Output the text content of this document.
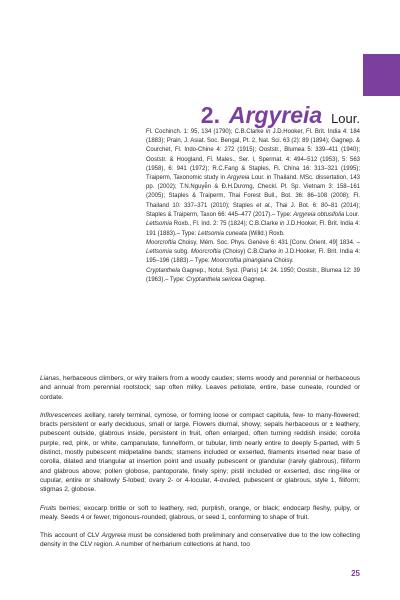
2. Argyreia Lour.

Fl. Cochinch. 1: 95, 134 (1790); C.B.Clarke in J.D.Hooker, Fl. Brit. India 4: 184 (1883); Prain, J. Asiat. Soc. Bengal, Pt. 2, Nat. Sci. 63 (2): 89 (1894); Gagnep. & Courchet, Fl. Indo-Chine 4: 272 (1915); Ooststr., Blumea 5: 339–411 (1940); Ooststr. & Hoogland, Fl. Males., Ser. I, Spermat. 4: 494–512 (1953), 5: 563 (1958), 6: 941 (1972); R.C.Fang & Staples, Fl. China 16: 313–321 (1995); Traiperm, Taxonomic study in Argyreia Lour. in Thailand. MSc. dissertation, 143 pp. (2002); T.N.Nguyễn & Đ.H.Dương, Checkl. Pl. Sp. Vietnam 3: 158–161 (2005); Staples & Traiperm, Thai Forest Bull., Bot. 36: 86–108 (2008); Fl. Thailand 10: 337–371 (2010); Staples et al., Thai J. Bot. 6: 80–81 (2014); Staples & Traiperm, Taxon 66: 445–477 (2017).– Type: Argyreia obtusifolia Lour.

Lettsomia Roxb., Fl. Ind. 2: 75 (1824); C.B.Clarke in J.D.Hooker, Fl. Brit. India 4: 191 (1883).– Type: Lettsomia cuneata (Willd.) Roxb.

Moorcroftia Choisy, Mém. Soc. Phys. Genève 6: 431 [Conv. Orient. 49] 1834. – Lettsomia subg. Moorcroftia (Choisy) C.B.Clarke in J.D.Hooker, Fl. Brit. India 4: 195–196 (1883).– Type: Moorcroftia pinangiana Choisy.

Cryptanthela Gagnep., Notul. Syst. (Paris) 14: 24. 1950; Ooststr., Blumea 12: 39 (1963).– Type: Cryptanthela sericea Gagnep.

Lianas, herbaceous climbers, or wiry trailers from a woody caudex; stems woody and perennial or herbaceous and annual from perennial rootstock; sap often milky. Leaves petiolate, entire, base cuneate, rounded or cordate.

Inflorescences axillary, rarely terminal, cymose, or forming loose or compact capitula, few- to many-flowered; bracts persistent or early deciduous, small or large. Flowers diurnal, showy; sepals herbaceous or ± leathery, pubescent outside, glabrous inside, persistent in fruit, often enlarged, often turning reddish inside; corolla purple, red, pink, or white, campanulate, funnelform, or tubular, limb nearly entire to deeply 5-parted, with 5 distinct, mostly pubescent midpetaline bands; stamens included or exserted, filaments inserted near base of corolla, dilated and triangular at insertion point and usually pubescent or glandular (rarely glabrous), filiform and glabrous above; pollen globose, pantoporate, finely spiny; pistil included or exserted, disc ring-like or cupular, entire or shallowly 5-lobed; ovary 2- or 4-locular, 4-ovuled, pubescent or glabrous, style 1, filiform; stigmas 2, globose.

Fruits berries; exocarp brittle or soft to leathery, red, purplish, orange, or black; endocarp fleshy, pulpy, or mealy. Seeds 4 or fewer, trigonous-rounded, glabrous, or seed 1, conforming to shape of fruit.

This account of CLV Argyreia must be considered both preliminary and conservative due to the low collecting density in the CLV region. A number of herbarium collections at hand, too

25
